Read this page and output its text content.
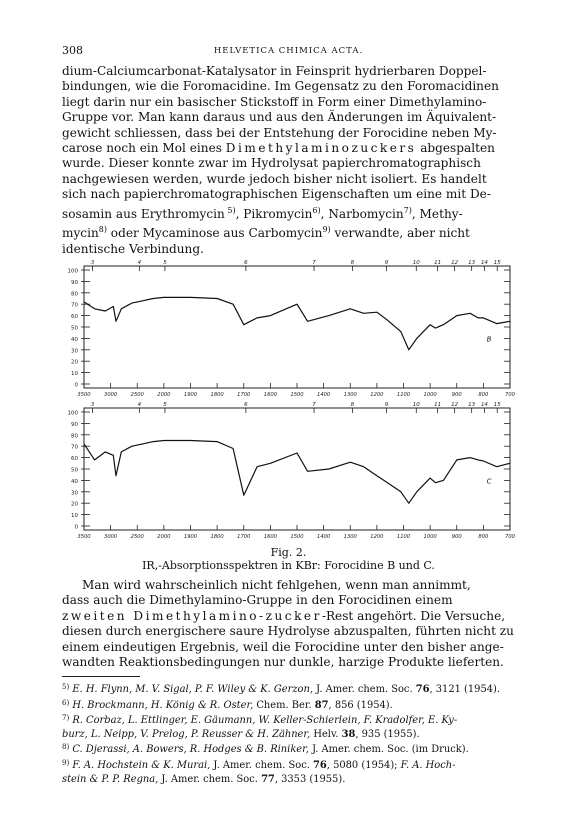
308	HELVETICA CHIMICA ACTA.

dium-Calciumcarbonat-Katalysator in Feinsprit hydrierbaren Doppel-
bindungen, wie die Foromacidine. Im Gegensatz zu den Foromacidinen
liegt darin nur ein basischer Stickstoff in Form einer Dimethylamino-
Gruppe vor. Man kann daraus und aus den Änderungen im Äquivalent-
gewicht schliessen, dass bei der Entstehung der Forocidine neben My-
carose noch ein Mol eines Dimethylaminozuckers abgespalten
wurde. Dieser konnte zwar im Hydrolysat papierchromatographisch
nachgewiesen werden, wurde jedoch bisher nicht isoliert. Es handelt
sich nach papierchromatographischen Eigenschaften um eine mit De-
sosamin aus Erythromycin $^{5)}$, Pikromycin$^{6)}$, Narbomycin$^{7)}$, Methy-
mycin$^{8)}$ oder Mycaminose aus Carbomycin$^{9)}$ verwandte, aber nicht
identische Verbindung.

100
90
80
70
60
50
40
30
20
10
0
3	4	5	6	7	8	9	10	11 12 13 14 15
3500	3000	2500	2000	1900	1800	1700	1600	1500	1400	1300	1200	1100	1000	900	800	700
B
100
90
80
70
60
50
40
30
20
10
0
3	4	5	6	7	8	9	10	11 12 13 14 15
3500	3000	2500	2000	1900	1800	1700	1600	1500	1400	1300	1200	1100	1000	900	800	700
C
Fig. 2.
IR,-Absorptionsspektren in KBr: Forocidine B und C.

Man wird wahrscheinlich nicht fehlgehen, wenn man annimmt,
dass auch die Dimethylamino-Gruppe in den Forocidinen einem
zweiten Dimethylamino-zucker-Rest angehört. Die Versuche,
diesen durch energischere saure Hydrolyse abzuspalten, führten nicht zu
einem eindeutigen Ergebnis, weil die Forocidine unter den bisher ange-
wandten Reaktionsbedingungen nur dunkle, harzige Produkte lieferten.

$^{5)}$ E. H. Flynn, M. V. Sigal, P. F. Wiley & K. Gerzon, J. Amer. chem. Soc. 76, 3121 (1954).

$^{6)}$ H. Brockmann, H. König & R. Oster, Chem. Ber. 87, 856 (1954).

$^{7)}$ R. Corbaz, L. Ettlinger, E. Gäumann, W. Keller-Schierlein, F. Kradolfer, E. Ky-
burz, L. Neipp, V. Prelog, P. Reusser & H. Zähner, Helv. 38, 935 (1955).

$^{8)}$ C. Djerassi, A. Bowers, R. Hodges & B. Riniker, J. Amer. chem. Soc. (im Druck).

$^{9)}$ F. A. Hochstein & K. Murai, J. Amer. chem. Soc. 76, 5080 (1954); F. A. Hoch-
stein & P. P. Regna, J. Amer. chem. Soc. 77, 3353 (1955).
